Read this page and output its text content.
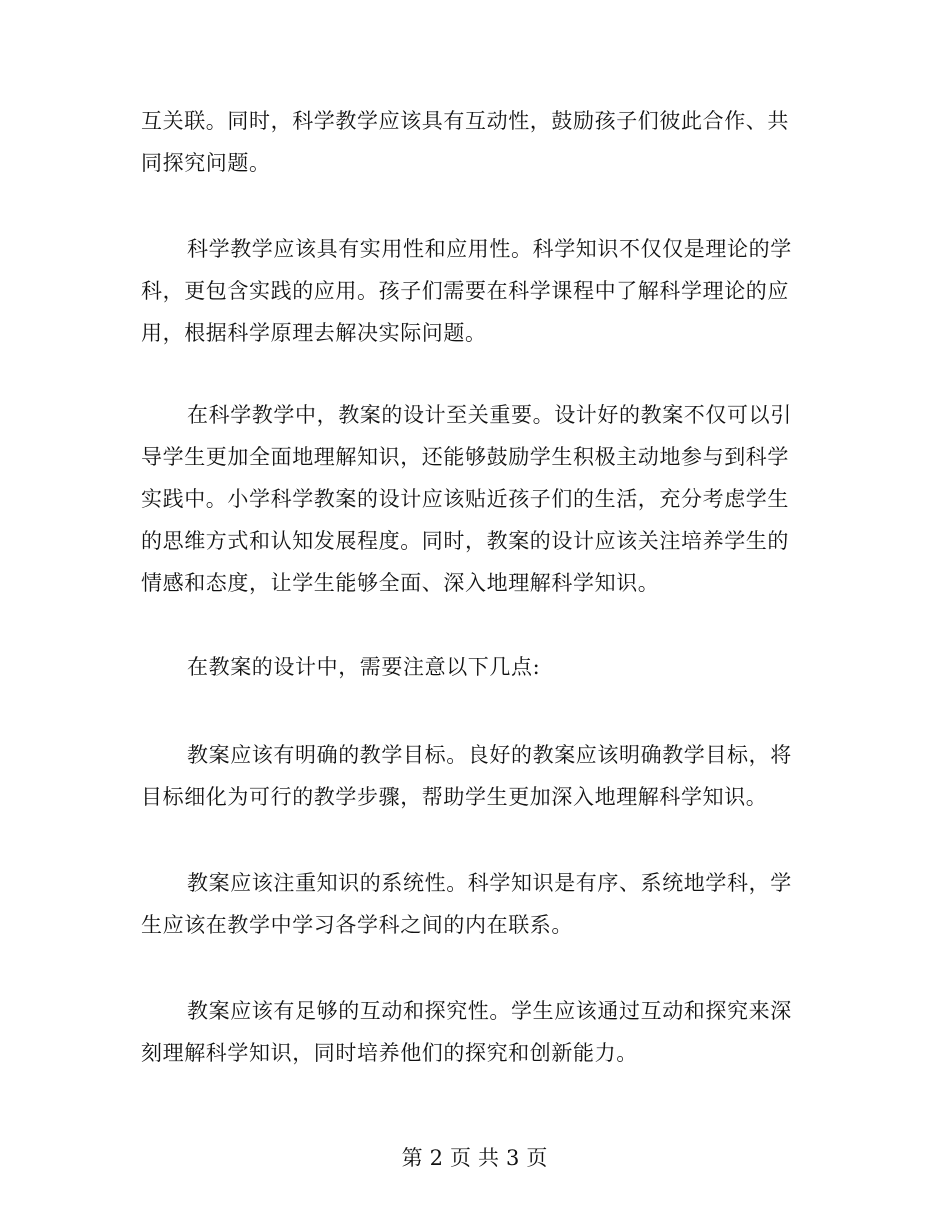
互关联。同时，科学教学应该具有互动性，鼓励孩子们彼此合作、共
同探究问题。

科学教学应该具有实用性和应用性。科学知识不仅仅是理论的学
科，更包含实践的应用。孩子们需要在科学课程中了解科学理论的应
用，根据科学原理去解决实际问题。

在科学教学中，教案的设计至关重要。设计好的教案不仅可以引
导学生更加全面地理解知识，还能够鼓励学生积极主动地参与到科学
实践中。小学科学教案的设计应该贴近孩子们的生活，充分考虑学生
的思维方式和认知发展程度。同时，教案的设计应该关注培养学生的
情感和态度，让学生能够全面、深入地理解科学知识。

在教案的设计中，需要注意以下几点:

教案应该有明确的教学目标。良好的教案应该明确教学目标，将
目标细化为可行的教学步骤，帮助学生更加深入地理解科学知识。

教案应该注重知识的系统性。科学知识是有序、系统地学科，学
生应该在教学中学习各学科之间的内在联系。

教案应该有足够的互动和探究性。学生应该通过互动和探究来深
刻理解科学知识，同时培养他们的探究和创新能力。

第 2 页 共 3 页
